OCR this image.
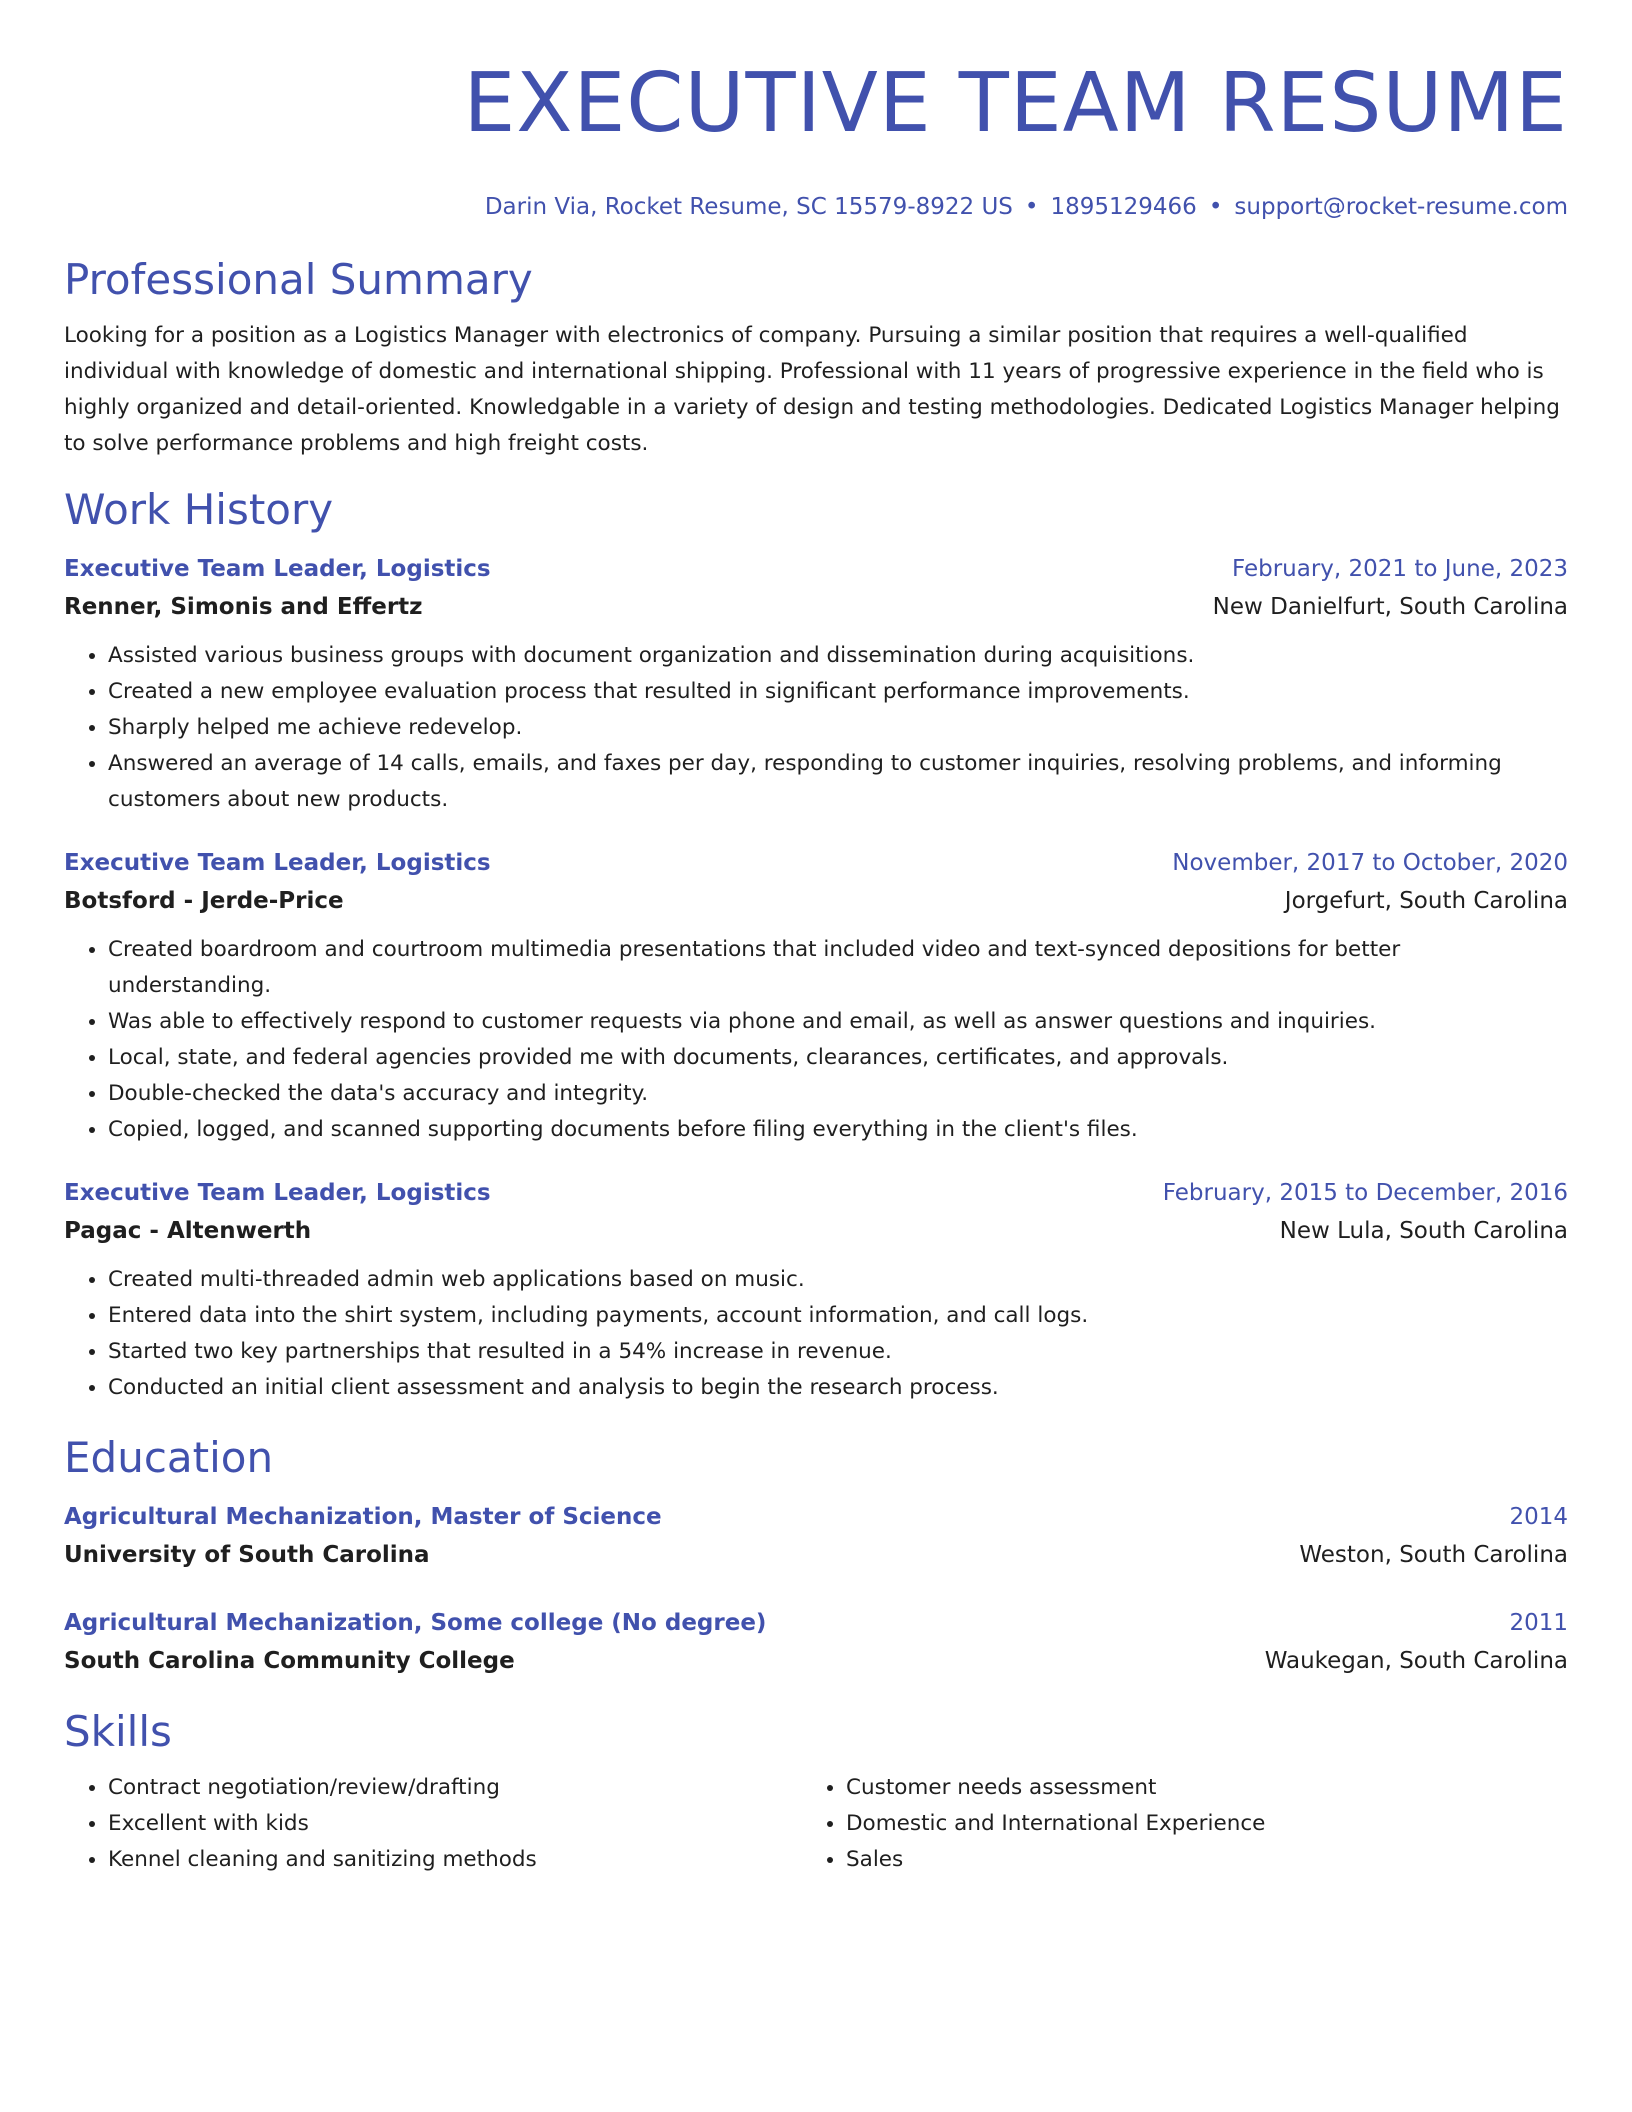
EXECUTIVE TEAM RESUME
Darin Via, Rocket Resume, SC 15579-8922 US • 1895129466 • support@rocket-resume.com
Professional Summary
Looking for a position as a Logistics Manager with electronics of company. Pursuing a similar position that requires a well-qualified individual with knowledge of domestic and international shipping. Professional with 11 years of progressive experience in the field who is highly organized and detail-oriented. Knowledgable in a variety of design and testing methodologies. Dedicated Logistics Manager helping to solve performance problems and high freight costs.
Work History
Executive Team Leader, Logistics	February, 2021 to June, 2023
Renner, Simonis and Effertz	New Danielfurt, South Carolina
• Assisted various business groups with document organization and dissemination during acquisitions.
• Created a new employee evaluation process that resulted in significant performance improvements.
• Sharply helped me achieve redevelop.
• Answered an average of 14 calls, emails, and faxes per day, responding to customer inquiries, resolving problems, and informing customers about new products.
Executive Team Leader, Logistics	November, 2017 to October, 2020
Botsford - Jerde-Price	Jorgefurt, South Carolina
• Created boardroom and courtroom multimedia presentations that included video and text-synced depositions for better understanding.
• Was able to effectively respond to customer requests via phone and email, as well as answer questions and inquiries.
• Local, state, and federal agencies provided me with documents, clearances, certificates, and approvals.
• Double-checked the data's accuracy and integrity.
• Copied, logged, and scanned supporting documents before filing everything in the client's files.
Executive Team Leader, Logistics	February, 2015 to December, 2016
Pagac - Altenwerth	New Lula, South Carolina
• Created multi-threaded admin web applications based on music.
• Entered data into the shirt system, including payments, account information, and call logs.
• Started two key partnerships that resulted in a 54% increase in revenue.
• Conducted an initial client assessment and analysis to begin the research process.
Education
Agricultural Mechanization, Master of Science	2014
University of South Carolina	Weston, South Carolina
Agricultural Mechanization, Some college (No degree)	2011
South Carolina Community College	Waukegan, South Carolina
Skills
• Contract negotiation/review/drafting
• Excellent with kids
• Kennel cleaning and sanitizing methods
• Customer needs assessment
• Domestic and International Experience
• Sales
